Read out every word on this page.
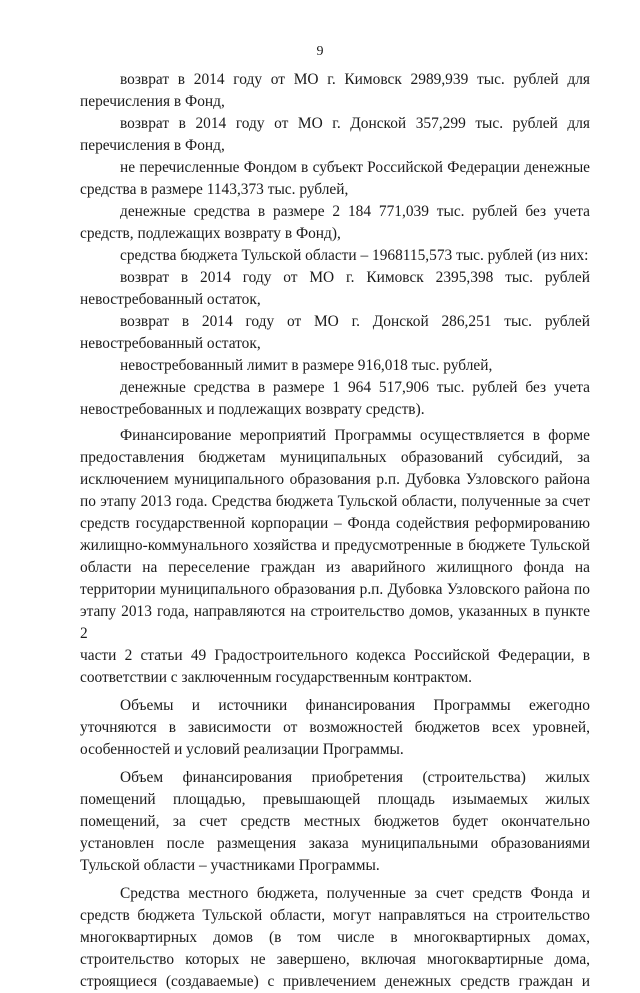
9
возврат в 2014 году от МО г. Кимовск 2989,939 тыс. рублей для
перечисления в Фонд,
возврат в 2014 году от МО г. Донской 357,299 тыс. рублей для
перечисления в Фонд,
не перечисленные Фондом в субъект Российской Федерации денежные
средства в размере 1143,373 тыс. рублей,
денежные средства в размере 2 184 771,039 тыс. рублей без учета
средств, подлежащих возврату в Фонд),
средства бюджета Тульской области – 1968115,573 тыс. рублей (из них:
возврат в 2014 году от МО г. Кимовск 2395,398 тыс. рублей
невостребованный остаток,
возврат в 2014 году от МО г. Донской 286,251 тыс. рублей
невостребованный остаток,
невостребованный лимит в размере 916,018 тыс. рублей,
денежные средства в размере 1 964 517,906 тыс. рублей без учета
невостребованных и подлежащих возврату средств).
Финансирование мероприятий Программы осуществляется в форме
предоставления бюджетам муниципальных образований субсидий, за
исключением муниципального образования р.п. Дубовка Узловского района
по этапу 2013 года. Средства бюджета Тульской области, полученные за счет
средств государственной корпорации – Фонда содействия реформированию
жилищно-коммунального хозяйства и предусмотренные в бюджете Тульской
области на переселение граждан из аварийного жилищного фонда на
территории муниципального образования р.п. Дубовка Узловского района по
этапу 2013 года, направляются на строительство домов, указанных в пункте 2
части 2 статьи 49 Градостроительного кодекса Российской Федерации, в
соответствии с заключенным государственным контрактом.
Объемы и источники финансирования Программы ежегодно
уточняются в зависимости от возможностей бюджетов всех уровней,
особенностей и условий реализации Программы.
Объем финансирования приобретения (строительства) жилых
помещений площадью, превышающей площадь изымаемых жилых
помещений, за счет средств местных бюджетов будет окончательно
установлен после размещения заказа муниципальными образованиями
Тульской области – участниками Программы.
Средства местного бюджета, полученные за счет средств Фонда и
средств бюджета Тульской области, могут направляться на строительство
многоквартирных домов (в том числе в многоквартирных домах,
строительство которых не завершено, включая многоквартирные дома,
строящиеся (создаваемые) с привлечением денежных средств граждан и
